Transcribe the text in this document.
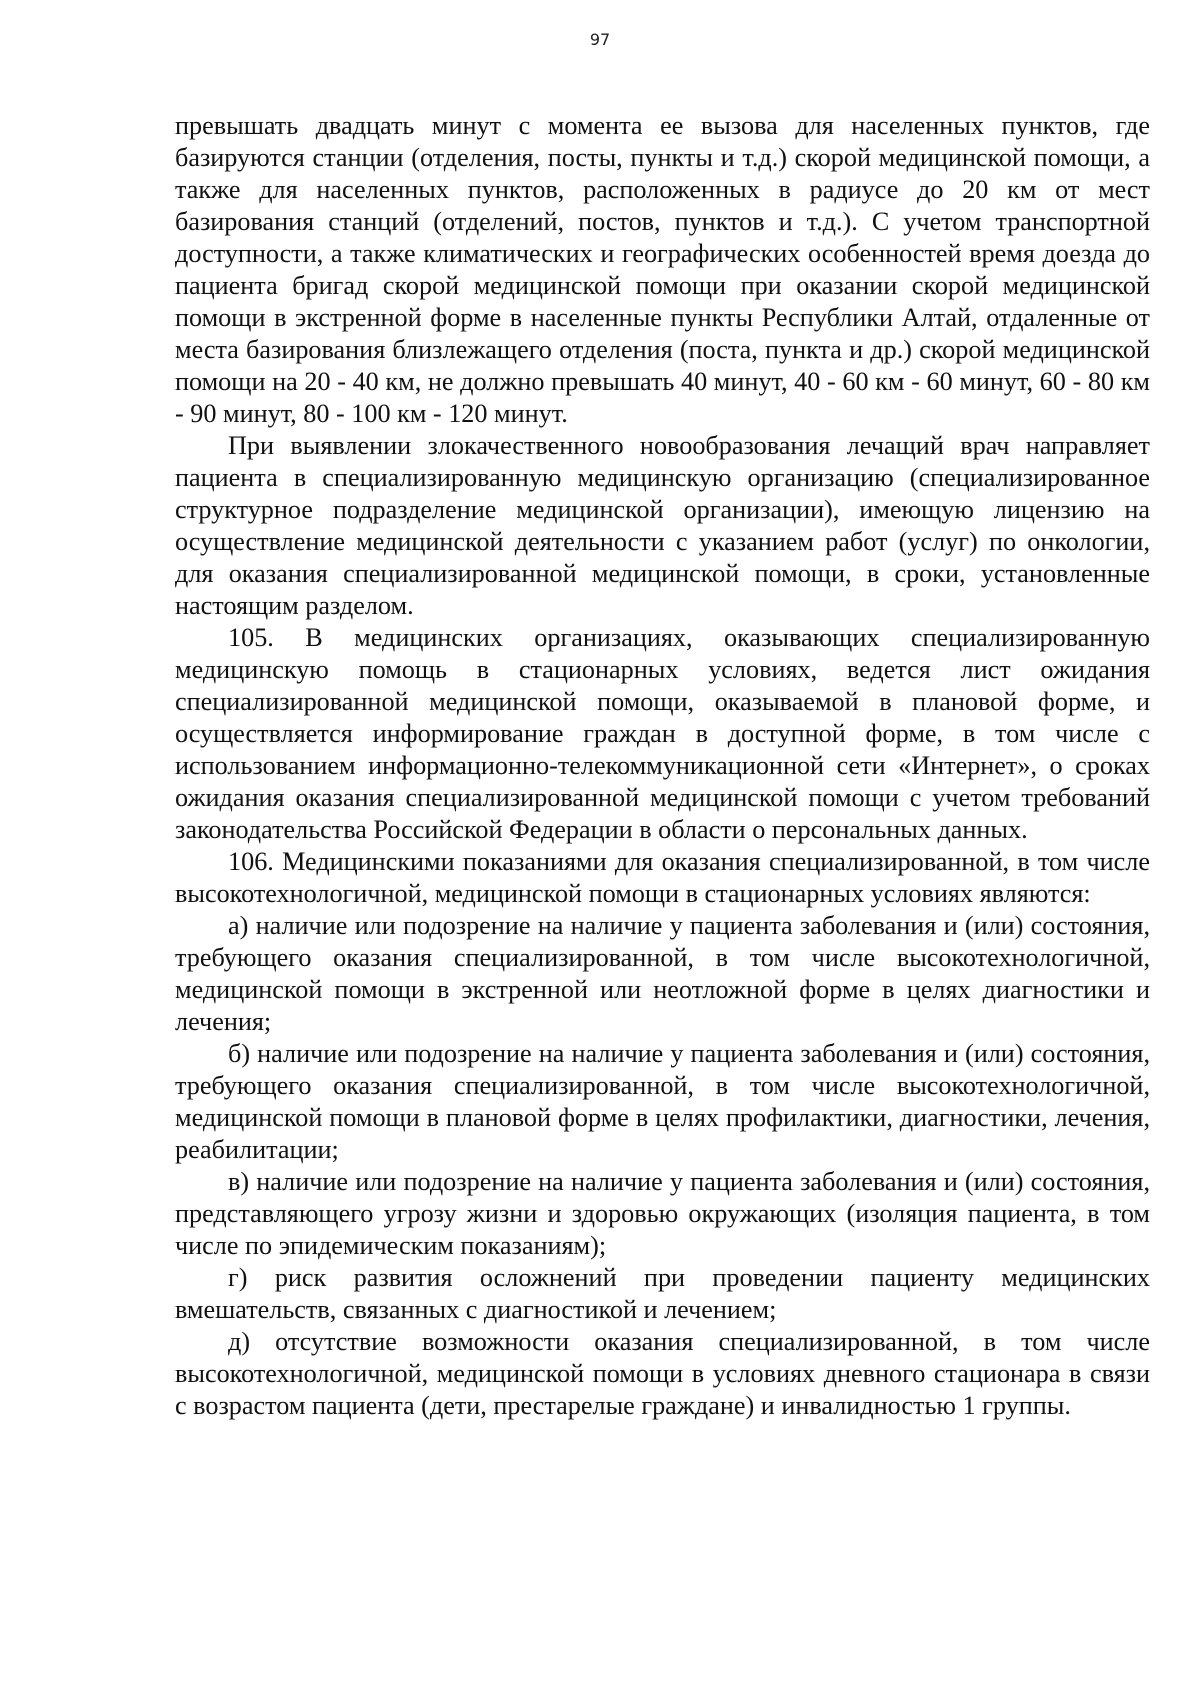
97

превышать двадцать минут с момента ее вызова для населенных пунктов, где базируются станции (отделения, посты, пункты и т.д.) скорой медицинской помощи, а также для населенных пунктов, расположенных в радиусе до 20 км от мест базирования станций (отделений, постов, пунктов и т.д.). С учетом транспортной доступности, а также климатических и географических особенностей время доезда до пациента бригад скорой медицинской помощи при оказании скорой медицинской помощи в экстренной форме в населенные пункты Республики Алтай, отдаленные от места базирования близлежащего отделения (поста, пункта и др.) скорой медицинской помощи на 20 - 40 км, не должно превышать 40 минут, 40 - 60 км - 60 минут, 60 - 80 км - 90 минут, 80 - 100 км - 120 минут.

При выявлении злокачественного новообразования лечащий врач направляет пациента в специализированную медицинскую организацию (специализированное структурное подразделение медицинской организации), имеющую лицензию на осуществление медицинской деятельности с указанием работ (услуг) по онкологии, для оказания специализированной медицинской помощи, в сроки, установленные настоящим разделом.

105. В медицинских организациях, оказывающих специализированную медицинскую помощь в стационарных условиях, ведется лист ожидания специализированной медицинской помощи, оказываемой в плановой форме, и осуществляется информирование граждан в доступной форме, в том числе с использованием информационно-телекоммуникационной сети «Интернет», о сроках ожидания оказания специализированной медицинской помощи с учетом требований законодательства Российской Федерации в области о персональных данных.

106. Медицинскими показаниями для оказания специализированной, в том числе высокотехнологичной, медицинской помощи в стационарных условиях являются:

а) наличие или подозрение на наличие у пациента заболевания и (или) состояния, требующего оказания специализированной, в том числе высокотехнологичной, медицинской помощи в экстренной или неотложной форме в целях диагностики и лечения;

б) наличие или подозрение на наличие у пациента заболевания и (или) состояния, требующего оказания специализированной, в том числе высокотехнологичной, медицинской помощи в плановой форме в целях профилактики, диагностики, лечения, реабилитации;

в) наличие или подозрение на наличие у пациента заболевания и (или) состояния, представляющего угрозу жизни и здоровью окружающих (изоляция пациента, в том числе по эпидемическим показаниям);

г) риск развития осложнений при проведении пациенту медицинских вмешательств, связанных с диагностикой и лечением;

д) отсутствие возможности оказания специализированной, в том числе высокотехнологичной, медицинской помощи в условиях дневного стационара в связи с возрастом пациента (дети, престарелые граждане) и инвалидностью 1 группы.
